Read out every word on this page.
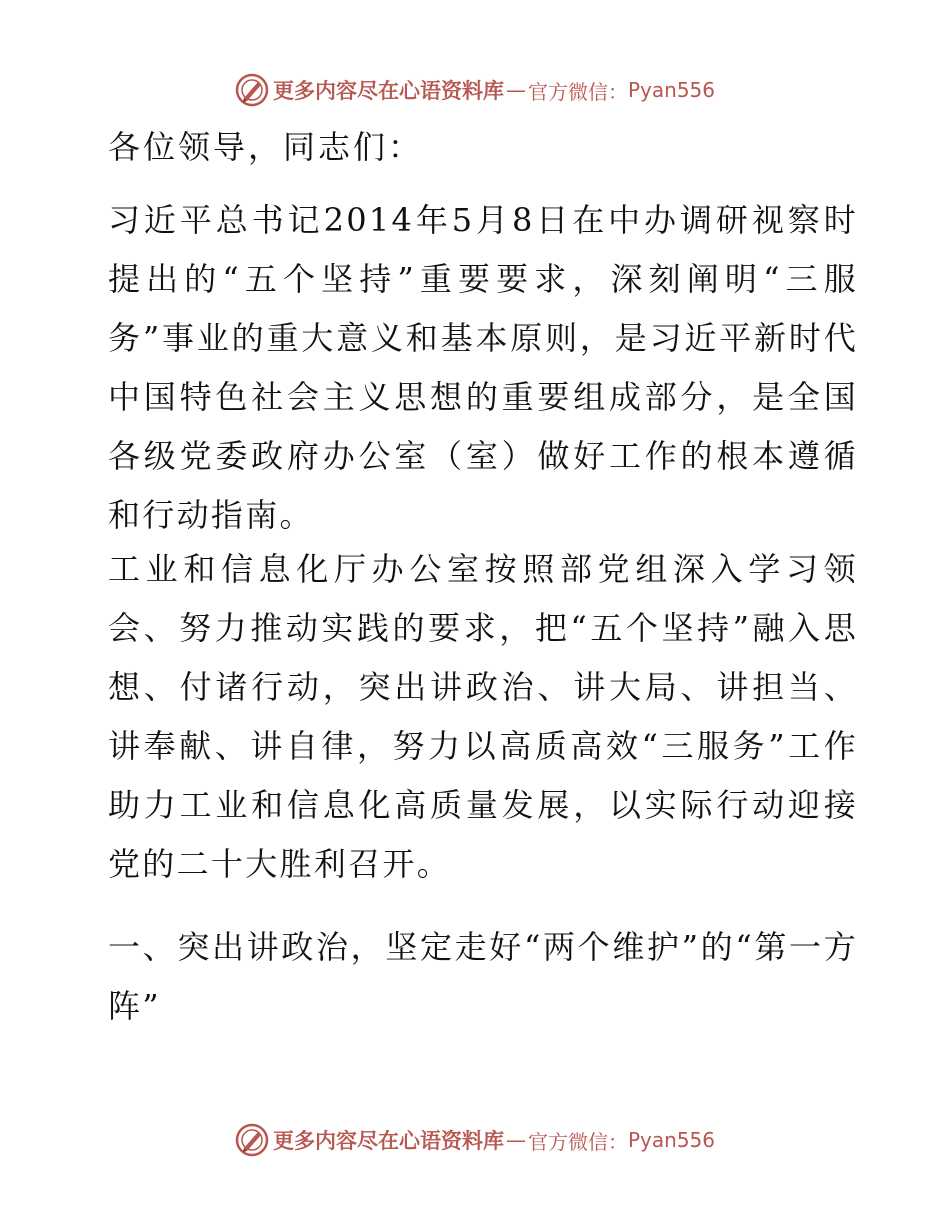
更多内容尽在心语资料库 — 官方微信： Pyan556
各位领导，同志们：

习近平总书记2014年5月8日在中办调研视察时提出的“五个坚持”重要要求，深刻阐明“三服务”事业的重大意义和基本原则，是习近平新时代中国特色社会主义思想的重要组成部分，是全国各级党委政府办公室（室）做好工作的根本遵循和行动指南。

工业和信息化厅办公室按照部党组深入学习领会、努力推动实践的要求，把“五个坚持”融入思想、付诸行动，突出讲政治、讲大局、讲担当、讲奉献、讲自律，努力以高质高效“三服务”工作助力工业和信息化高质量发展，以实际行动迎接党的二十大胜利召开。

一、突出讲政治，坚定走好“两个维护”的“第一方阵”

更多内容尽在心语资料库 — 官方微信： Pyan556
